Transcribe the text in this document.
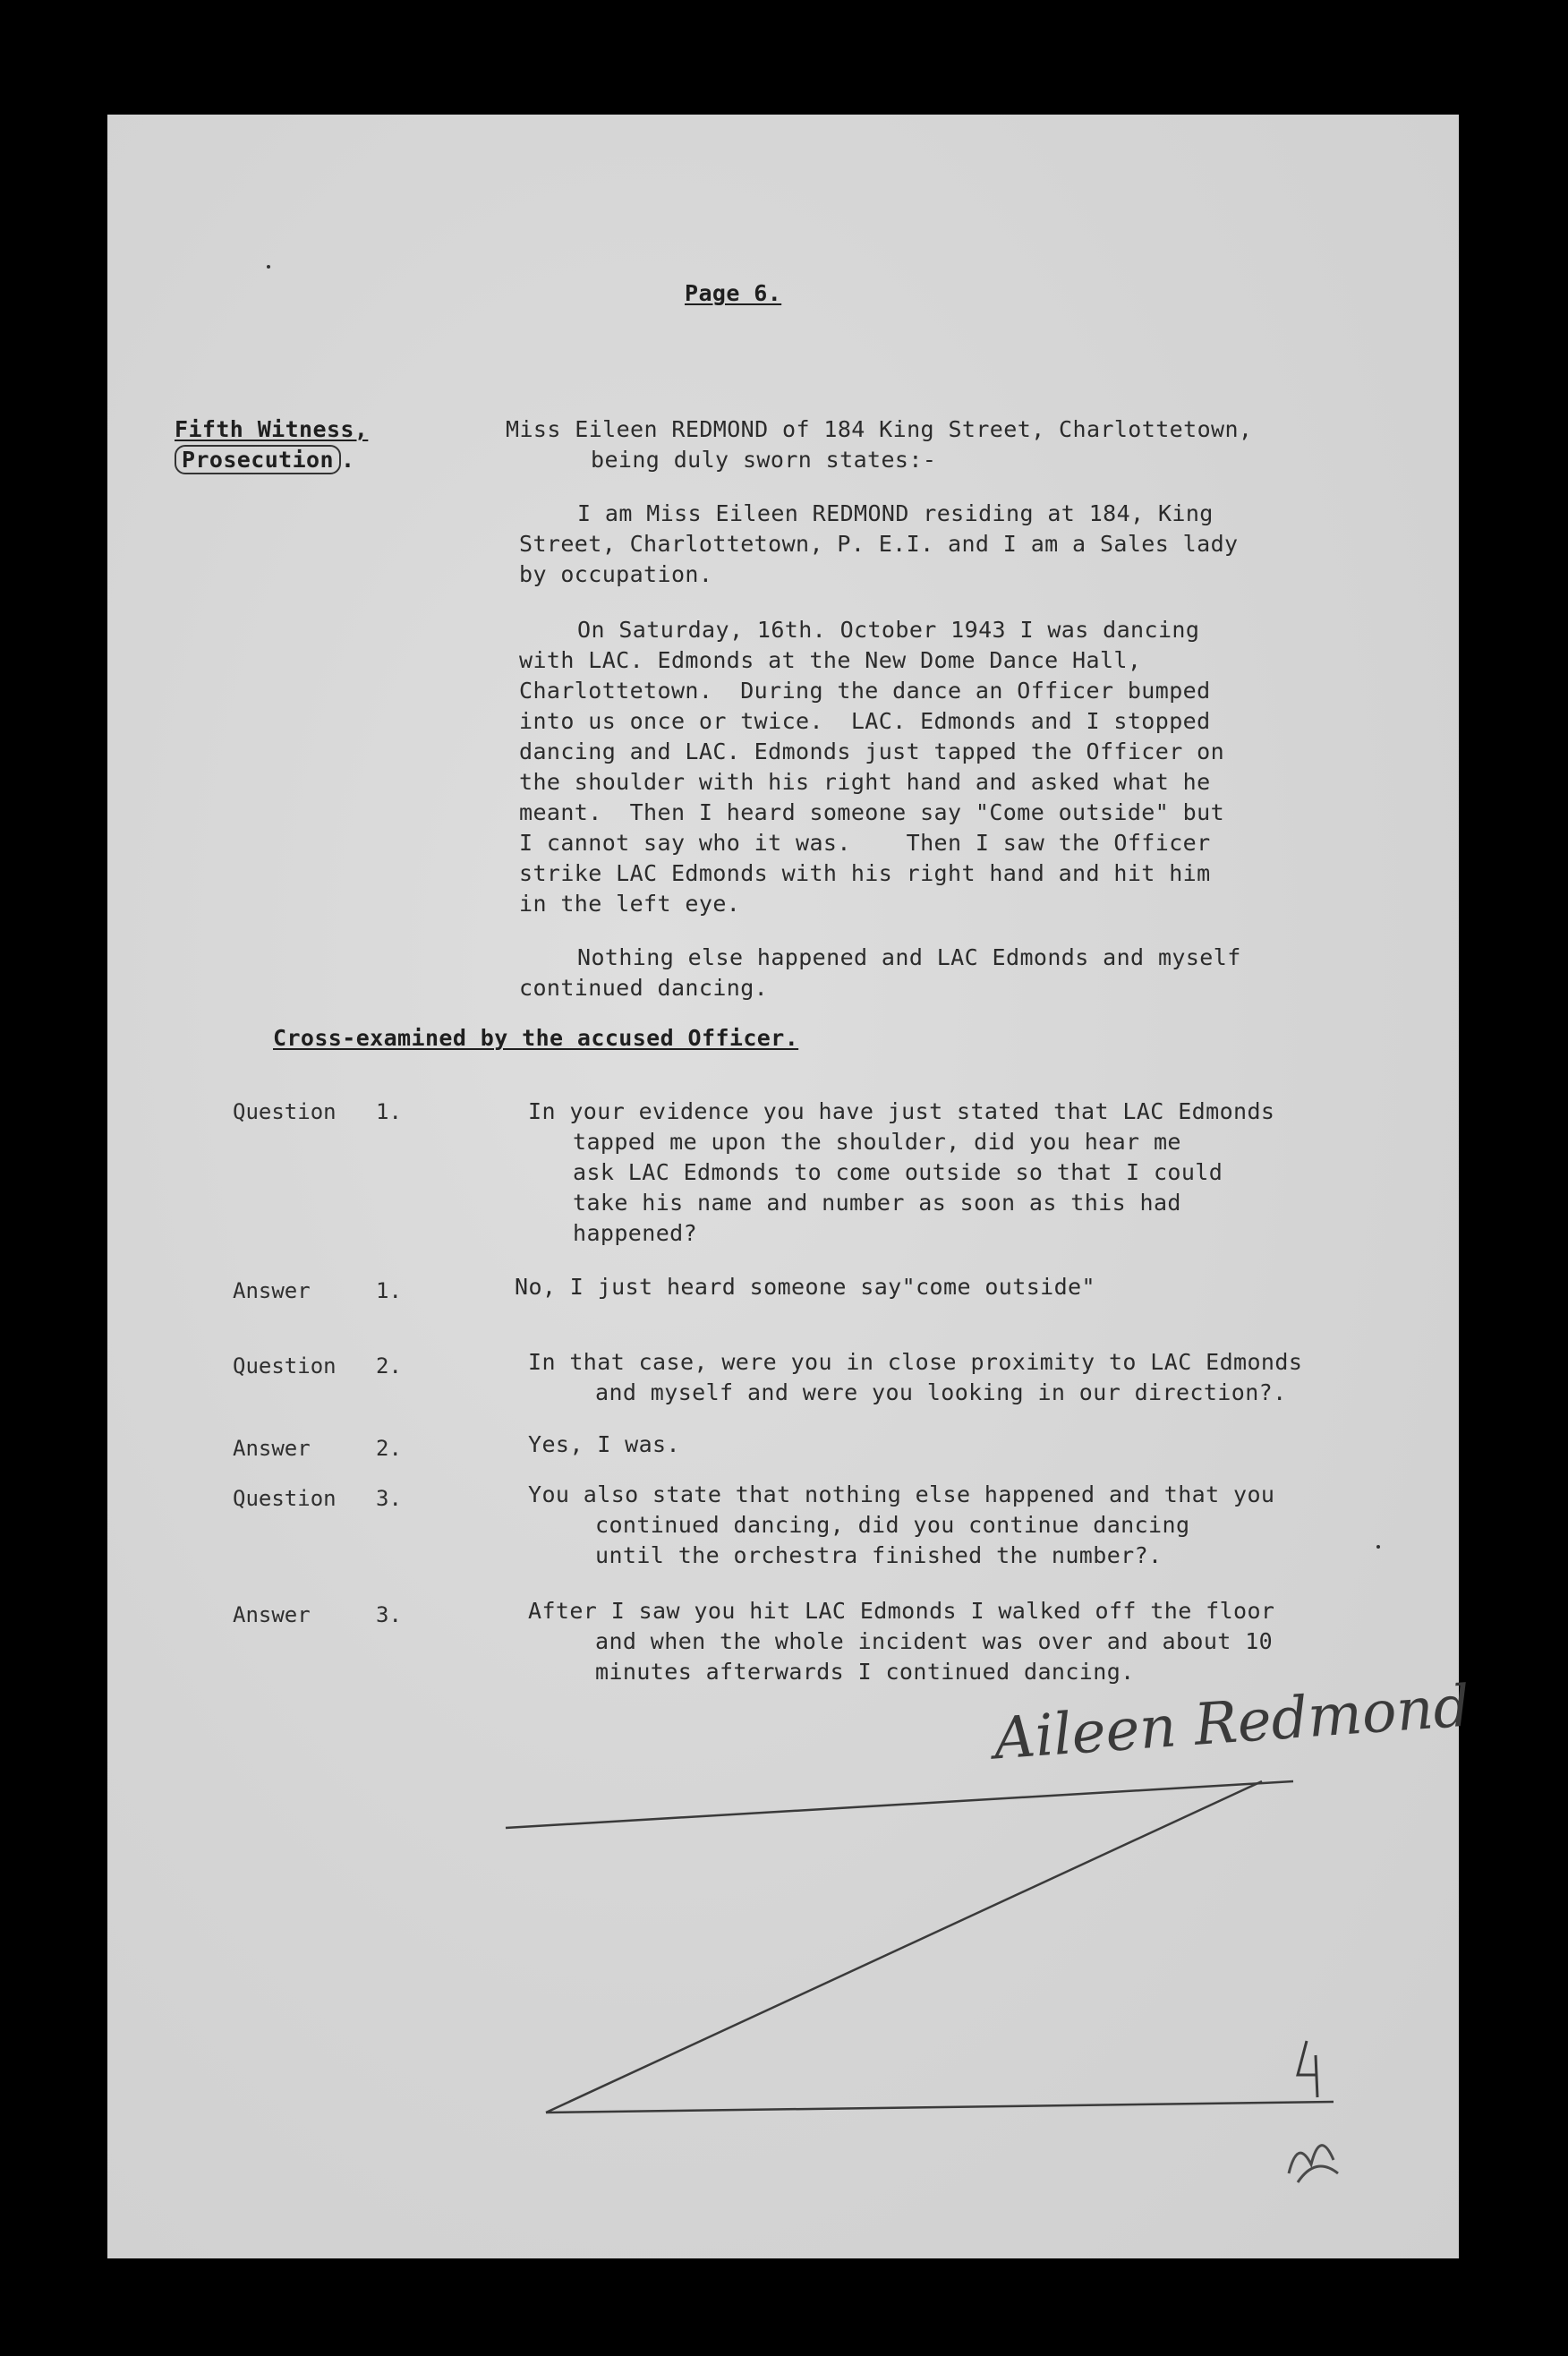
Page 6.
Fifth Witness,
Prosecution .
Miss Eileen REDMOND of 184 King Street, Charlottetown,
being duly sworn states:-
I am Miss Eileen REDMOND residing at 184, King
Street, Charlottetown, P. E.I. and I am a Sales lady
by occupation.
On Saturday, 16th. October 1943 I was dancing
with LAC. Edmonds at the New Dome Dance Hall,
Charlottetown.  During the dance an Officer bumped
into us once or twice.  LAC. Edmonds and I stopped
dancing and LAC. Edmonds just tapped the Officer on
the shoulder with his right hand and asked what he
meant.  Then I heard someone say "Come outside" but
I cannot say who it was.    Then I saw the Officer
strike LAC Edmonds with his right hand and hit him
in the left eye.
Nothing else happened and LAC Edmonds and myself
continued dancing.
Cross-examined by the accused Officer.
Question 1.	In your evidence you have just stated that LAC Edmonds
tapped me upon the shoulder, did you hear me
ask LAC Edmonds to come outside so that I could
take his name and number as soon as this had
happened?
Answer	1.	No, I just heard someone say"come outside"
Question 2.	In that case, were you in close proximity to LAC Edmonds
and myself and were you looking in our direction?.
Answer	2.	Yes, I was.
Question 3.	You also state that nothing else happened and that you
continued dancing, did you continue dancing
until the orchestra finished the number?.
Answer	3.	After I saw you hit LAC Edmonds I walked off the floor
and when the whole incident was over and about 10
minutes afterwards I continued dancing.
Aileen Redmond
